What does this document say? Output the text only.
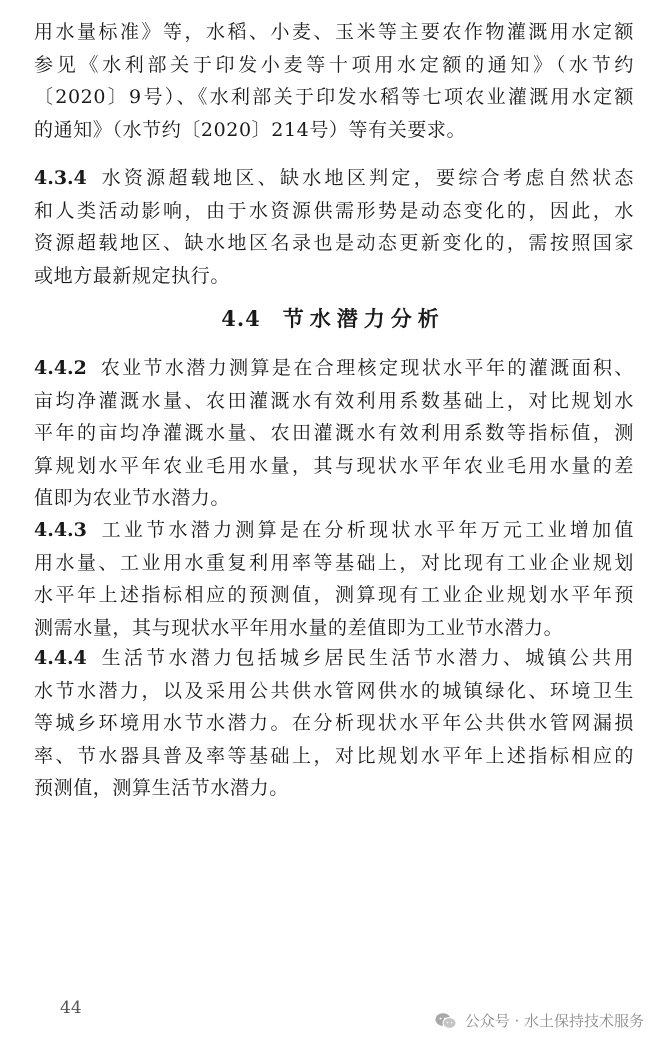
用水量标准》等，水稻、小麦、玉米等主要农作物灌溉用水定额
参见《水利部关于印发小麦等十项用水定额的通知》（水节约
〔2020〕9号）、《水利部关于印发水稻等七项农业灌溉用水定额
的通知》（水节约〔2020〕214号）等有关要求。
4.3.4 水资源超载地区、缺水地区判定，要综合考虑自然状态
和人类活动影响，由于水资源供需形势是动态变化的，因此，水
资源超载地区、缺水地区名录也是动态更新变化的，需按照国家
或地方最新规定执行。
4.4 节水潜力分析
4.4.2 农业节水潜力测算是在合理核定现状水平年的灌溉面积、
亩均净灌溉水量、农田灌溉水有效利用系数基础上，对比规划水
平年的亩均净灌溉水量、农田灌溉水有效利用系数等指标值，测
算规划水平年农业毛用水量，其与现状水平年农业毛用水量的差
值即为农业节水潜力。
4.4.3 工业节水潜力测算是在分析现状水平年万元工业增加值
用水量、工业用水重复利用率等基础上，对比现有工业企业规划
水平年上述指标相应的预测值，测算现有工业企业规划水平年预
测需水量，其与现状水平年用水量的差值即为工业节水潜力。
4.4.4 生活节水潜力包括城乡居民生活节水潜力、城镇公共用
水节水潜力，以及采用公共供水管网供水的城镇绿化、环境卫生
等城乡环境用水节水潜力。在分析现状水平年公共供水管网漏损
率、节水器具普及率等基础上，对比规划水平年上述指标相应的
预测值，测算生活节水潜力。
44
公众号 · 水土保持技术服务
